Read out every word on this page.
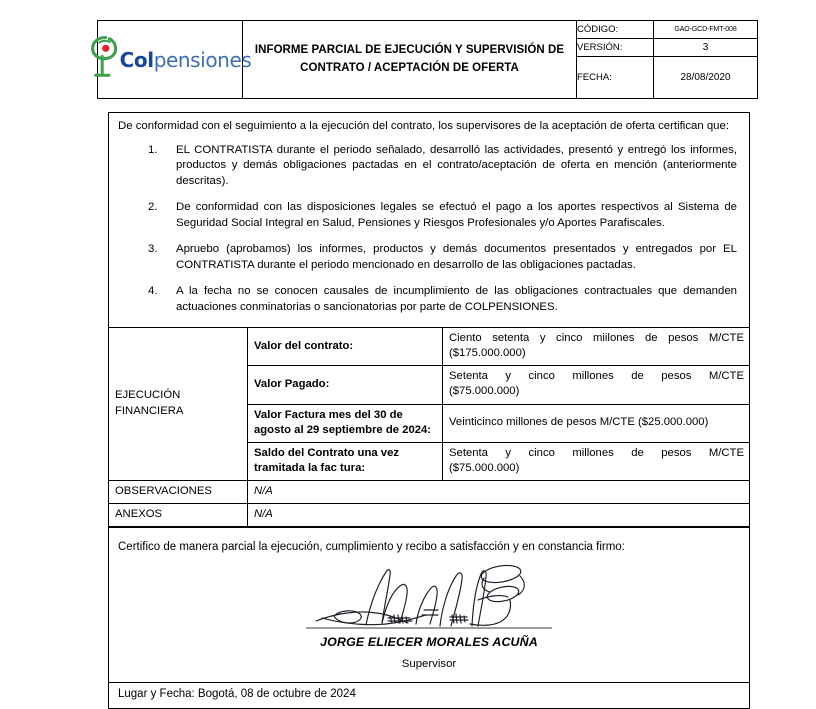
Colpensiones	INFORME PARCIAL DE EJECUCIÓN Y SUPERVISIÓN DE
CONTRATO / ACEPTACIÓN DE OFERTA	CÓDIGO:	GAO-GCD-FMT-008
		VERSIÓN:	3
		FECHA:	28/08/2020
De conformidad con el seguimiento a la ejecución del contrato, los supervisores de la aceptación de oferta certifican que:
1.	EL CONTRATISTA durante el periodo señalado, desarrolló las actividades, presentó y entregó los informes, productos y demás obligaciones pactadas en el contrato/aceptación de oferta en mención (anteriormente descritas).
2.	De conformidad con las disposiciones legales se efectuó el pago a los aportes respectivos al Sistema de Seguridad Social Integral en Salud, Pensiones y Riesgos Profesionales y/o Aportes Parafiscales.
3.	Apruebo (aprobamos) los informes, productos y demás documentos presentados y entregados por EL CONTRATISTA durante el periodo mencionado en desarrollo de las obligaciones pactadas.
4.	A la fecha no se conocen causales de incumplimiento de las obligaciones contractuales que demanden actuaciones conminatorias o sancionatorias por parte de COLPENSIONES.
EJECUCIÓN
FINANCIERA	Valor del contrato:	Ciento setenta y cinco miilones de pesos M/CTE
($175.000.000)
	Valor Pagado:	Setenta y cinco millones de pesos M/CTE
($75.000.000)
	Valor Factura mes del 30 de agosto al 29 septiembre de 2024:	Veinticinco millones de pesos M/CTE ($25.000.000)
	Saldo del Contrato una vez tramitada la fac tura:	Setenta y cinco millones de pesos M/CTE
($75.000.000)
OBSERVACIONES	N/A	
ANEXOS	N/A	
Certifico de manera parcial la ejecución, cumplimiento y recibo a satisfacción y en constancia firmo:
JORGE ELIECER MORALES ACUÑA
Supervisor
Lugar y Fecha: Bogotá, 08 de octubre de 2024
